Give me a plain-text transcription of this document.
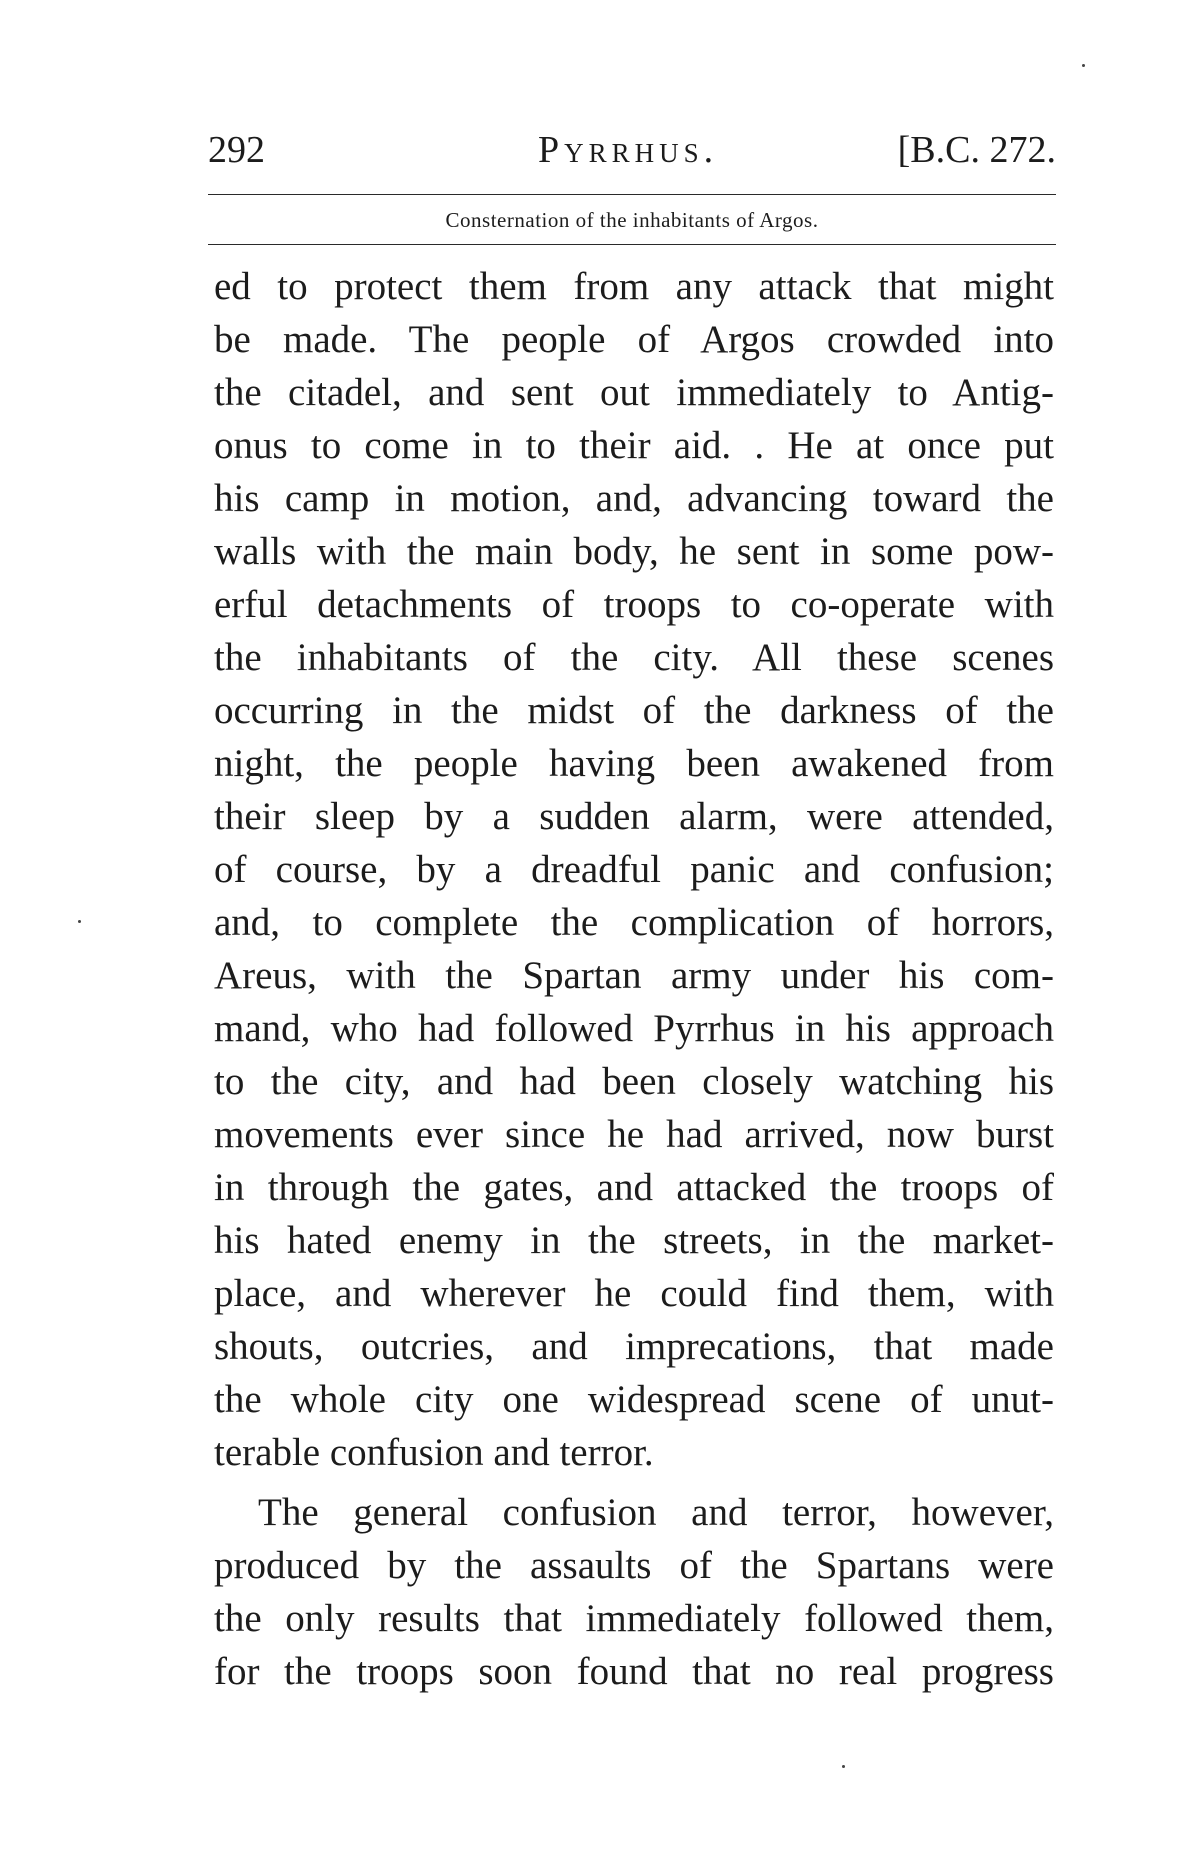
292	Pyrrhus.	[B.C. 272.
Consternation of the inhabitants of Argos.
ed to protect them from any attack that might
be made. The people of Argos crowded into
the citadel, and sent out immediately to Antig-
onus to come in to their aid. . He at once put
his camp in motion, and, advancing toward the
walls with the main body, he sent in some pow-
erful detachments of troops to co-operate with
the inhabitants of the city. All these scenes
occurring in the midst of the darkness of the
night, the people having been awakened from
their sleep by a sudden alarm, were attended,
of course, by a dreadful panic and confusion;
and, to complete the complication of horrors,
Areus, with the Spartan army under his com-
mand, who had followed Pyrrhus in his approach
to the city, and had been closely watching his
movements ever since he had arrived, now burst
in through the gates, and attacked the troops of
his hated enemy in the streets, in the market-
place, and wherever he could find them, with
shouts, outcries, and imprecations, that made
the whole city one widespread scene of unut-
terable confusion and terror.
The general confusion and terror, however,
produced by the assaults of the Spartans were
the only results that immediately followed them,
for the troops soon found that no real progress
